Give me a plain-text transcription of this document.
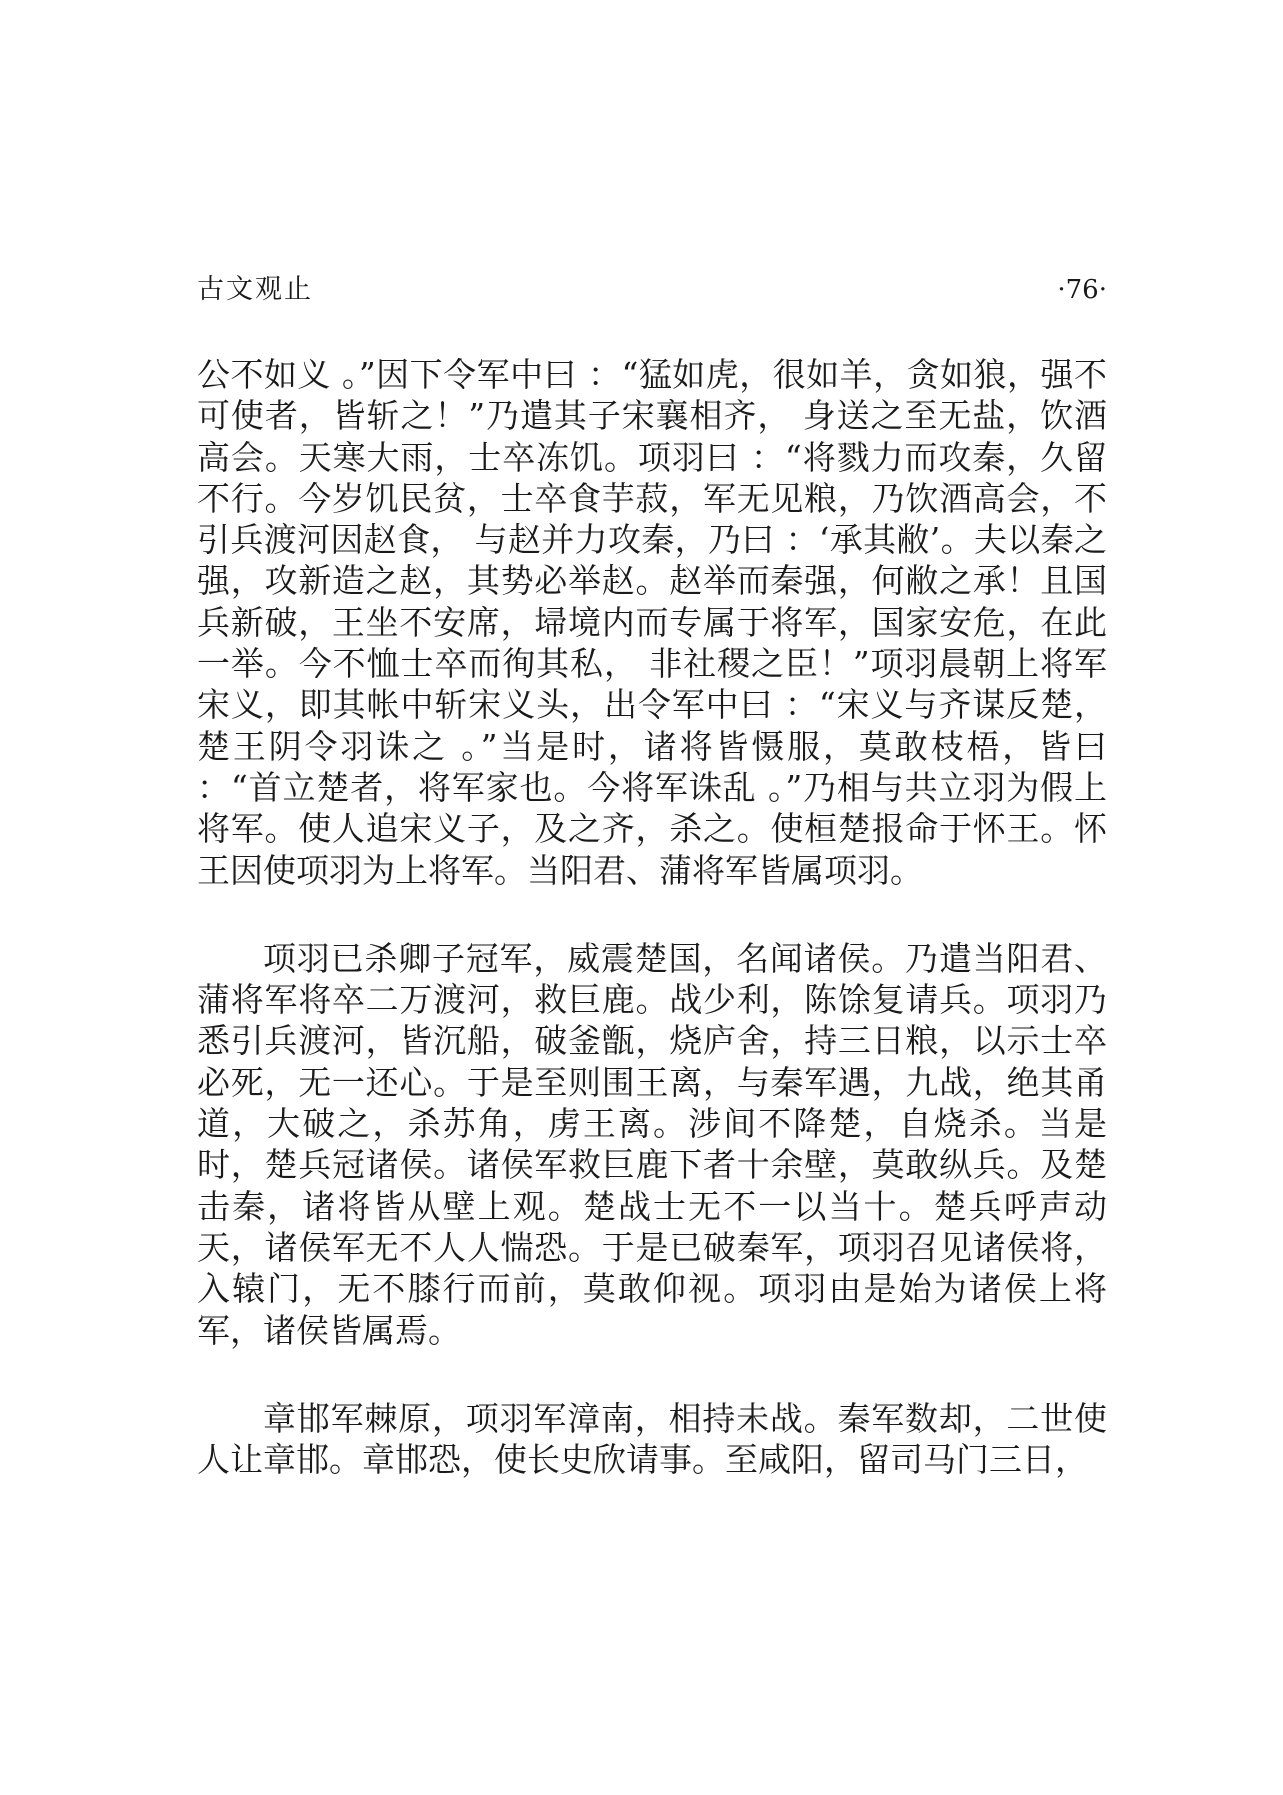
古文观止	·76·

公不如义 。”因下令军中曰 ：“猛如虎，很如羊，贪如狼，强不可使者，皆斩之！”乃遣其子宋襄相齐， 身送之至无盐，饮酒高会。天寒大雨，士卒冻饥。项羽曰 ：“将戮力而攻秦，久留不行。今岁饥民贫，士卒食芋菽，军无见粮，乃饮酒高会，不引兵渡河因赵食， 与赵并力攻秦，乃曰 ：‘承其敝’。夫以秦之强，攻新造之赵，其势必举赵。赵举而秦强，何敝之承！且国兵新破，王坐不安席，埽境内而专属于将军，国家安危，在此一举。今不恤士卒而徇其私， 非社稷之臣！”项羽晨朝上将军宋义，即其帐中斩宋义头，出令军中曰 ：“宋义与齐谋反楚，楚王阴令羽诛之 。”当是时，诸将皆慑服，莫敢枝梧，皆曰 ：“首立楚者，将军家也。今将军诛乱 。”乃相与共立羽为假上将军。使人追宋义子，及之齐，杀之。使桓楚报命于怀王。怀王因使项羽为上将军。当阳君、蒲将军皆属项羽。

项羽已杀卿子冠军，威震楚国，名闻诸侯。乃遣当阳君、蒲将军将卒二万渡河，救巨鹿。战少利，陈馀复请兵。项羽乃悉引兵渡河，皆沉船，破釜甑，烧庐舍，持三日粮，以示士卒必死，无一还心。于是至则围王离，与秦军遇，九战，绝其甬道，大破之，杀苏角，虏王离。涉间不降楚，自烧杀。当是时，楚兵冠诸侯。诸侯军救巨鹿下者十余壁，莫敢纵兵。及楚击秦，诸将皆从壁上观。楚战士无不一以当十。楚兵呼声动天，诸侯军无不人人惴恐。于是已破秦军，项羽召见诸侯将，入辕门，无不膝行而前，莫敢仰视。项羽由是始为诸侯上将军，诸侯皆属焉。

章邯军棘原，项羽军漳南，相持未战。秦军数却，二世使人让章邯。章邯恐，使长史欣请事。至咸阳，留司马门三日，
